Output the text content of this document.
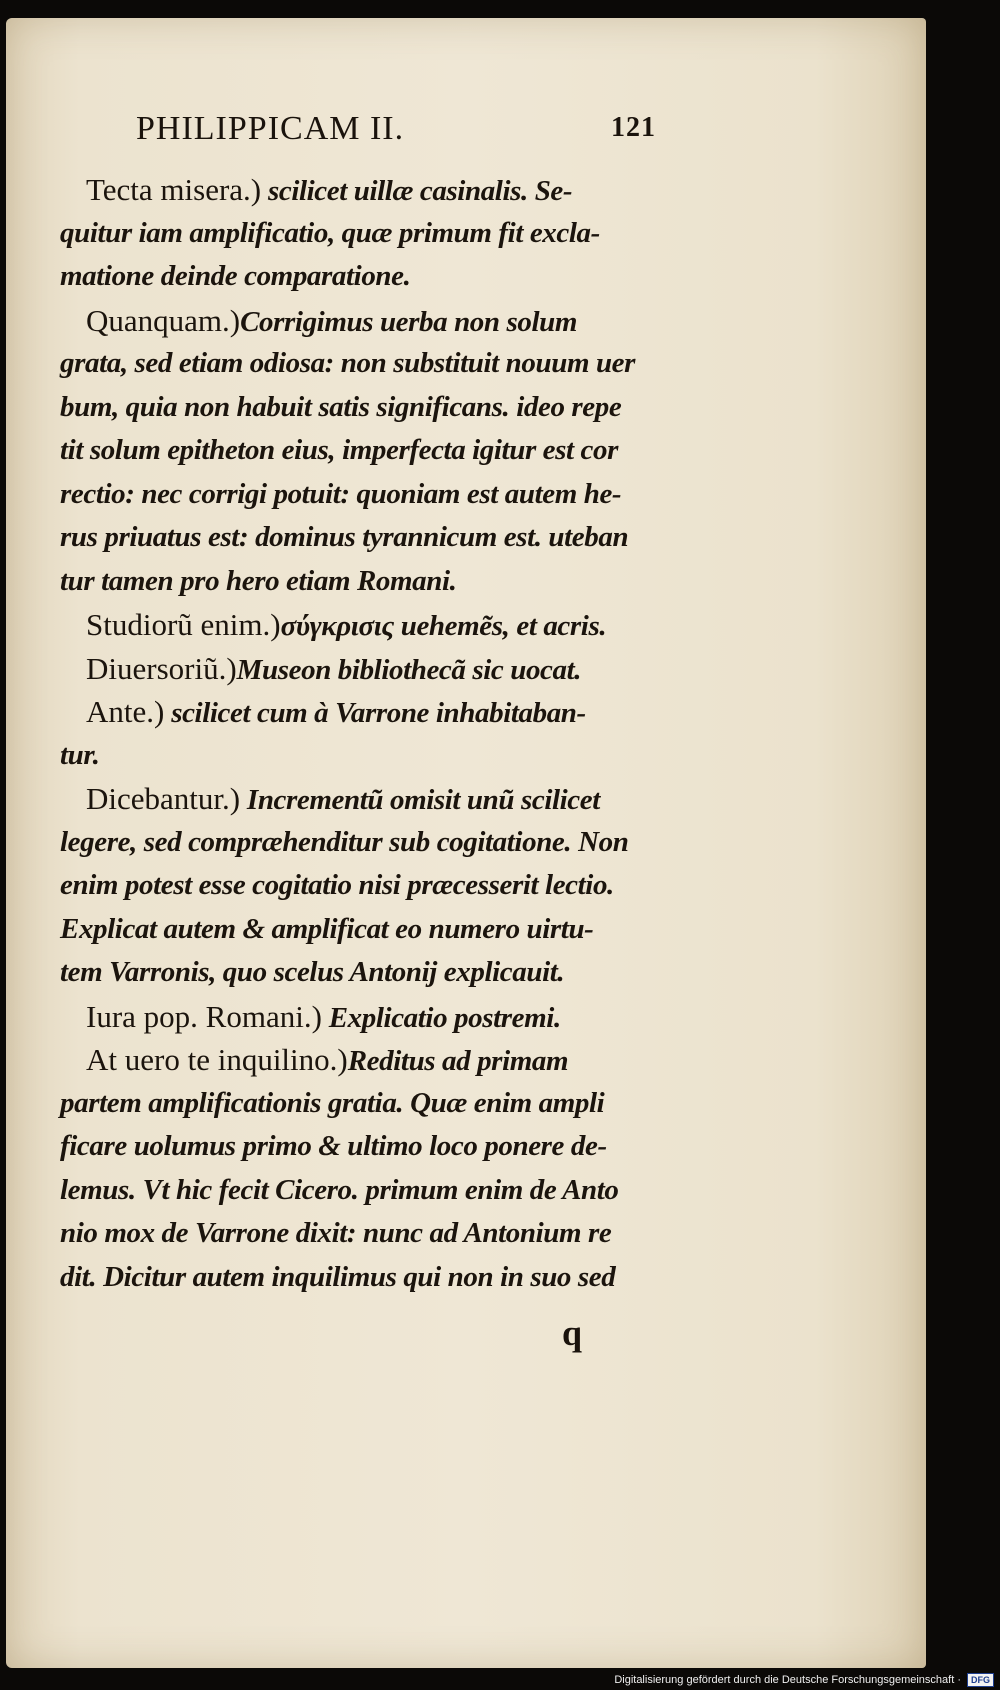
PHILIPPICAM II.	121
Tecta misera.) scilicet uillæ casinalis. Se-
quitur iam amplificatio, quæ primum fit excla-
matione deinde comparatione.
Quanquam.)Corrigimus uerba non solum
grata, sed etiam odiosa: non substituit nouum uer
bum, quia non habuit satis significans. ideo repe
tit solum epitheton eius, imperfecta igitur est cor
rectio: nec corrigi potuit: quoniam est autem he-
rus priuatus est: dominus tyrannicum est. uteban
tur tamen pro hero etiam Romani.
Studiorũ enim.)σύγκρισις uehemẽs, et acris.
Diuersoriũ.)Museon bibliothecã sic uocat.
Ante.) scilicet cum à Varrone inhabitaban-
tur.
Dicebantur.) Incrementũ omisit unũ scilicet
legere, sed compræhenditur sub cogitatione. Non
enim potest esse cogitatio nisi præcesserit lectio.
Explicat autem & amplificat eo numero uirtu-
tem Varronis, quo scelus Antonij explicauit.
Iura pop. Romani.) Explicatio postremi.
At uero te inquilino.)Reditus ad primam
partem amplificationis gratia. Quæ enim ampli
ficare uolumus primo & ultimo loco ponere de-
lemus. Vt hic fecit Cicero. primum enim de Anto
nio mox de Varrone dixit: nunc ad Antonium re
dit. Dicitur autem inquilimus qui non in suo sed
q
Digitalisierung gefördert durch die Deutsche Forschungsgemeinschaft ·	DFG
